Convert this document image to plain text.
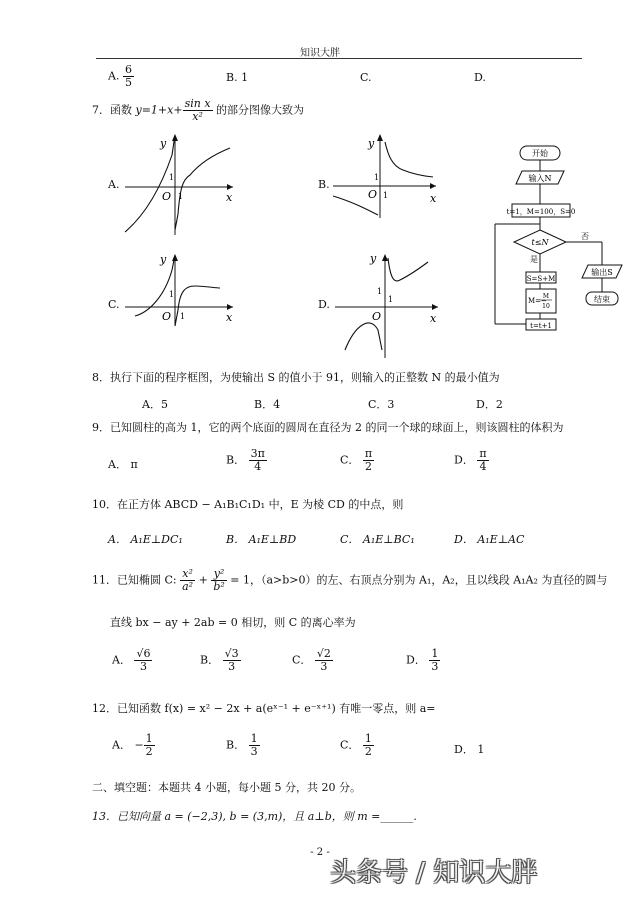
知识大胖
A. $\frac{6}{5}$	B. 1	C.	D.
7．函数 $y=1+x+ \frac{\text{sin x}}{\text{x²}}$ 的部分图像大致为
A.
y
x
O 1
1
B.
y
x
O 1
1
开始
输入N
t=1，M=100，S=0
t≤N
否
是
输出S
结束
S=S+M
M=−
M
10
t=t+1
C.
y
x
O 1
1
D.
y
x
O
1
1
8．执行下面的程序框图，为使输出 S 的值小于 91，则输入的正整数 N 的最小值为
A．5	B．4	C．3	D．2
9．已知圆柱的高为 1，它的两个底面的圆周在直径为 2 的同一个球的球面上，则该圆柱的体积为
A． π	B． $\frac{3\pi}{4}$	C． $\frac{\pi}{2}$	D． $\frac{\pi}{4}$
10．在正方体 ABCD − A₁B₁C₁D₁ 中，E 为棱 CD 的中点，则
A． A₁E⊥DC₁	B． A₁E⊥BD	C． A₁E⊥BC₁	D． A₁E⊥AC
11．已知椭圆 C: $\frac{\text{x²}}{\text{a²}} + \frac{\text{y²}}{\text{b²}} = 1$，（a>b>0）的左、右顶点分别为 A₁，A₂，且以线段 A₁A₂ 为直径的圆与
直线 bx − ay + 2ab = 0 相切，则 C 的离心率为
A． $\frac{√6}{3}$	B． $\frac{√3}{3}$	C． $\frac{√2}{3}$	D． $\frac{1}{3}$
12．已知函数 f(x) = x² − 2x + a(eˣ⁻¹ + e⁻ˣ⁺¹) 有唯一零点，则 a=
A． − $\frac{1}{2}$	B． $\frac{1}{3}$	C． $\frac{1}{2}$	D． 1
二、填空题：本题共 4 小题，每小题 5 分，共 20 分。
13．已知向量 a = (−2,3), b = (3,m)，且 a⊥b，则 m =______.
- 2 -
头条号 / 知识大胖
